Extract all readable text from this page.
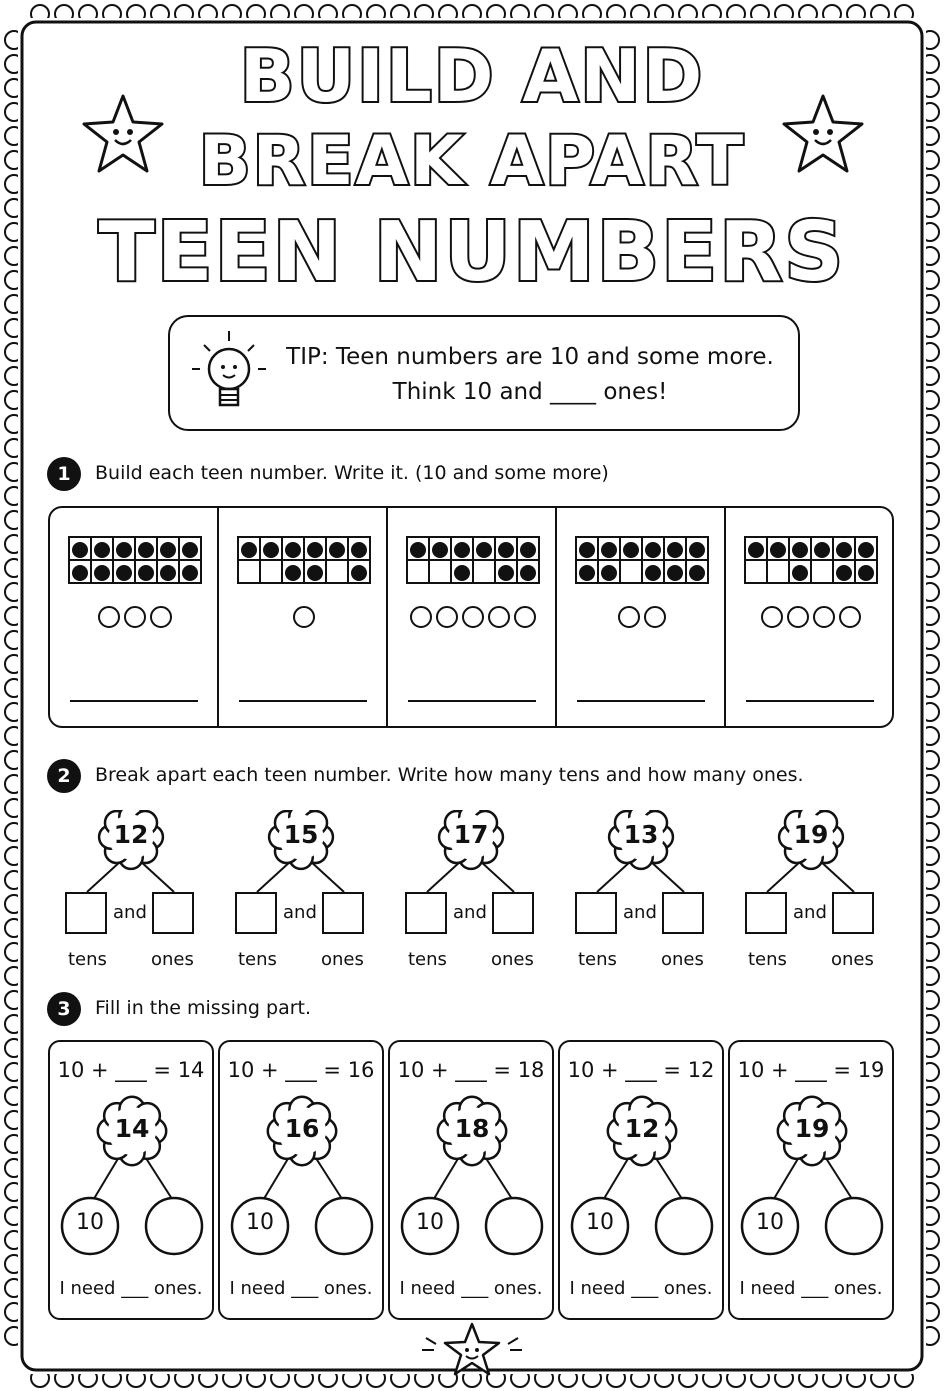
BUILD AND
BREAK APART
TEEN NUMBERS
TIP: Teen numbers are 10 and some more.
Think 10 and ____ ones!
1	Build each teen number. Write it. (10 and some more)

2	Break apart each teen number. Write how many tens and how many ones.
12
and
tens ones
15
and
tens ones
17
and
tens ones
13
and
tens ones
19
and
tens ones
3	Fill in the missing part.
10 + ___ = 14
14
10
I need ___ ones.
10 + ___ = 16
16
10
I need ___ ones.
10 + ___ = 18
18
10
I need ___ ones.
10 + ___ = 12
12
10
I need ___ ones.
10 + ___ = 19
19
10
I need ___ ones.
